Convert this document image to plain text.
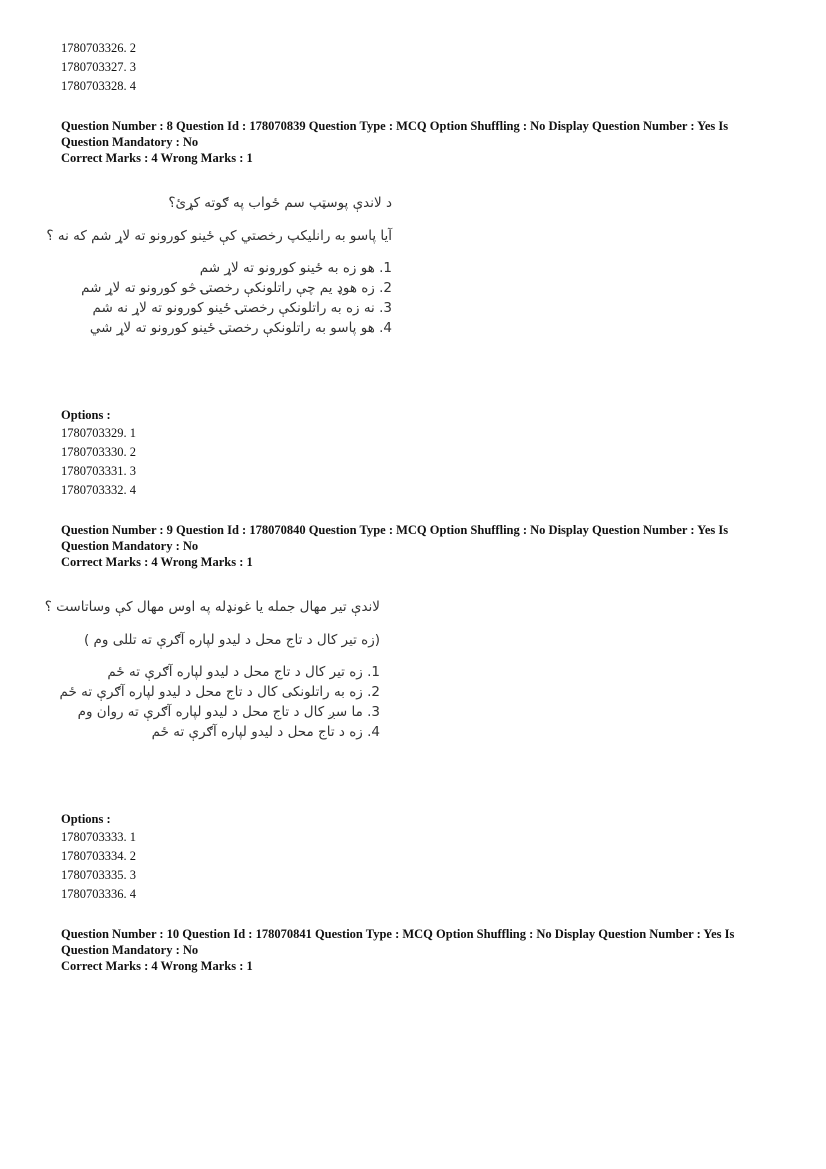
1780703326. 2
1780703327. 3
1780703328. 4
Question Number : 8 Question Id : 178070839 Question Type : MCQ Option Shuffling : No Display Question Number : Yes Is
Question Mandatory : No
Correct Marks : 4 Wrong Marks : 1
د لاندې پوسټپ سم ځواب په ګوته کړئ؟
آیا پاسو به رانلیکپ رخصتي کې ځینو کورونو ته لاړ شم که نه ؟
1. هو زه به ځینو کورونو ته لاړ شم
2. زه هوډ يم چې راتلونکې رخصتۍ څو کورونو ته لاړ شم
3. نه زه به راتلونکې رخصتۍ ځینو کورونو ته لاړ نه شم
4. هو پاسو به راتلونکې رخصتۍ ځینو کورونو ته لاړ شي
Options :
1780703329. 1
1780703330. 2
1780703331. 3
1780703332. 4
Question Number : 9 Question Id : 178070840 Question Type : MCQ Option Shuffling : No Display Question Number : Yes Is
Question Mandatory : No
Correct Marks : 4 Wrong Marks : 1
لاندې تیر مهال جمله یا غونډله په اوس مهال کې وساتاست ؟
(زه تیر کال د تاج محل د لیدو لپاره آګرې ته تللی وم )
1. زه تیر کال د تاج محل د لیدو لپاره آګرې ته ځم
2. زه به راتلونکی کال د تاج محل د لیدو لپاره آګرې ته ځم
3. ما سږ کال د تاج محل د لیدو لپاره آګرې ته روان وم
4. زه د تاج محل د لیدو لپاره آګرې ته ځم
Options :
1780703333. 1
1780703334. 2
1780703335. 3
1780703336. 4
Question Number : 10 Question Id : 178070841 Question Type : MCQ Option Shuffling : No Display Question Number : Yes Is
Question Mandatory : No
Correct Marks : 4 Wrong Marks : 1
